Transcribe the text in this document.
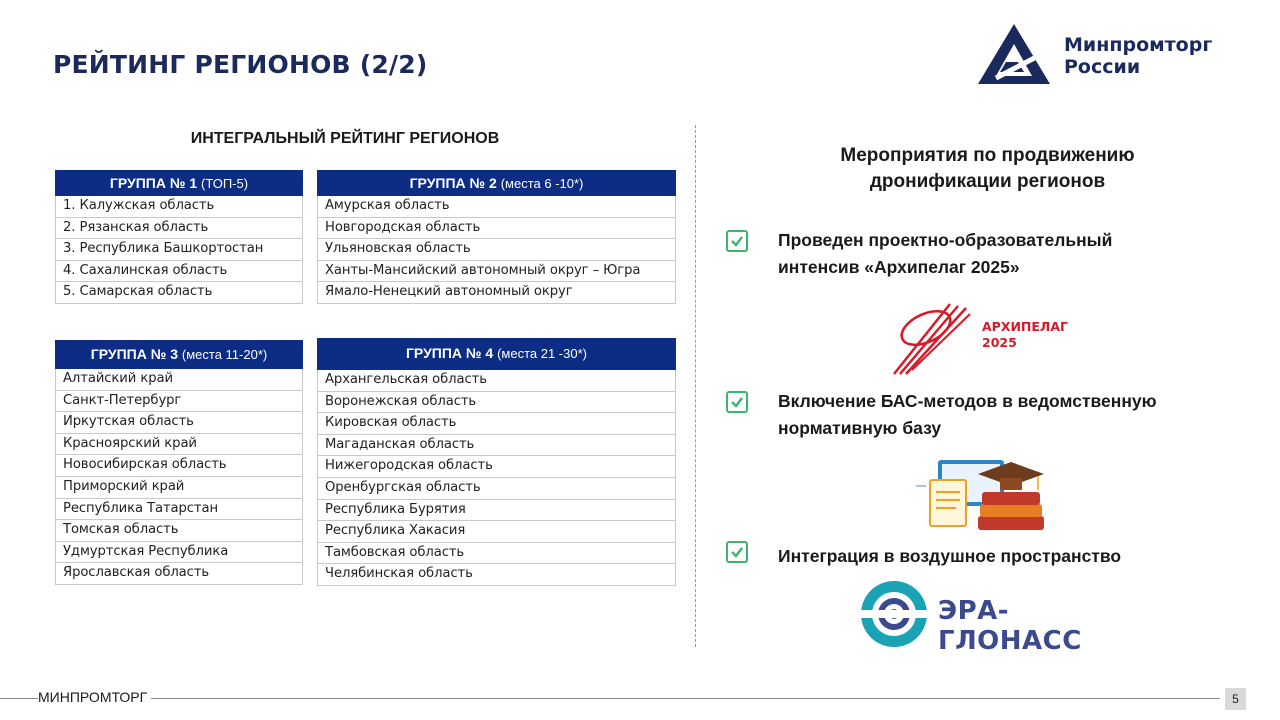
РЕЙТИНГ РЕГИОНОВ (2/2)
Минпромторг
России
ИНТЕГРАЛЬНЫЙ РЕЙТИНГ РЕГИОНОВ
ГРУППА № 1 (ТОП-5)
1. Калужская область
2. Рязанская область
3. Республика Башкортостан
4. Сахалинская область
5. Самарская область
ГРУППА № 2 (места 6 -10*)
Амурская область
Новгородская область
Ульяновская область
Ханты-Мансийский автономный округ – Югра
Ямало-Ненецкий автономный округ
ГРУППА № 3 (места 11-20*)
Алтайский край
Санкт-Петербург
Иркутская область
Красноярский край
Новосибирская область
Приморский край
Республика Татарстан
Томская область
Удмуртская Республика
Ярославская область
ГРУППА № 4 (места 21 -30*)
Архангельская область
Воронежская область
Кировская область
Магаданская область
Нижегородская область
Оренбургская область
Республика Бурятия
Республика Хакасия
Тамбовская область
Челябинская область
Мероприятия по продвижению
дронификации регионов
Проведен проектно-образовательный
интенсив «Архипелаг 2025»
АРХИПЕЛАГ
2025
Включение БАС-методов в ведомственную
нормативную базу
Интеграция в воздушное пространство
ЭРА-ГЛОНАСС
МИНПРОМТОРГ	5
